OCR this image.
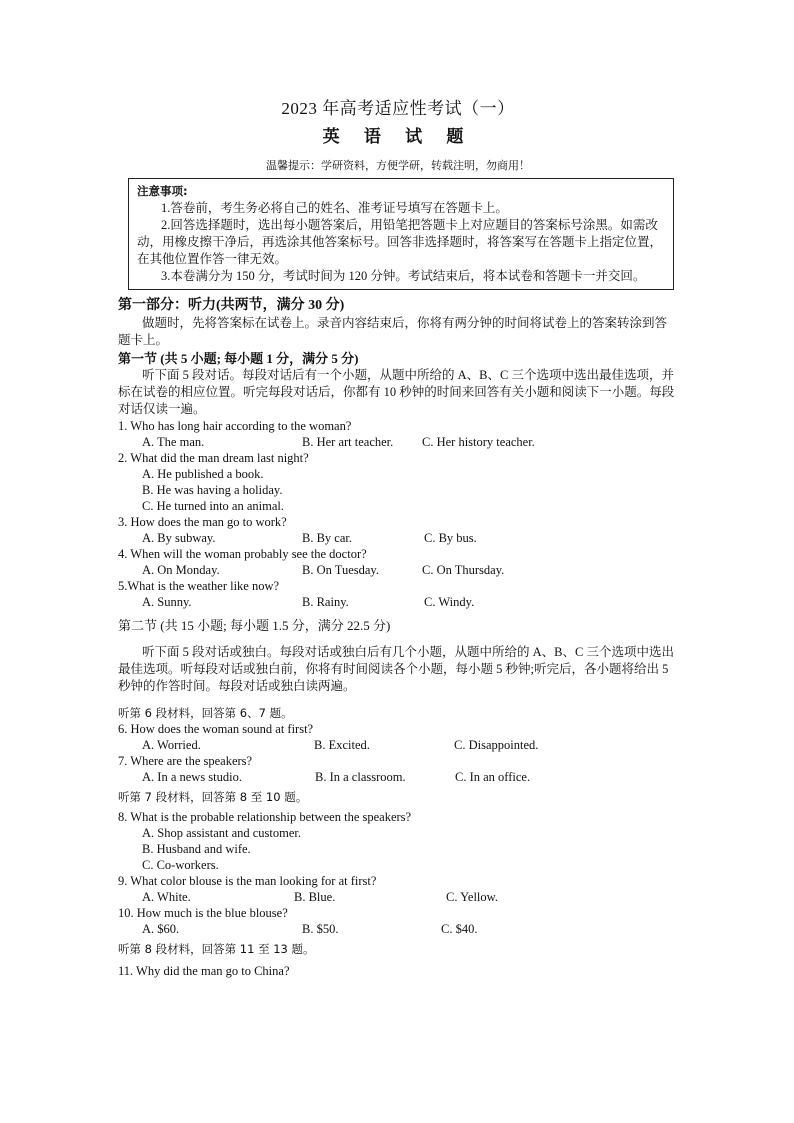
2023 年高考适应性考试（一）
英 语 试 题
温馨提示：学研资料，方便学研，转载注明，勿商用！
注意事项:
1.答卷前，考生务必将自己的姓名、准考证号填写在答题卡上。
2.回答选择题时，选出每小题答案后，用铅笔把答题卡上对应题目的答案标号涂黑。如需改动，用橡皮擦干净后，再选涂其他答案标号。回答非选择题时，将答案写在答题卡上指定位置，在其他位置作答一律无效。
3.本卷满分为 150 分，考试时间为 120 分钟。考试结束后，将本试卷和答题卡一并交回。
第一部分：听力(共两节，满分 30 分)
做题时，先将答案标在试卷上。录音内容结束后，你将有两分钟的时间将试卷上的答案转涂到答题卡上。
第一节 (共 5 小题; 每小题 1 分，满分 5 分)
听下面 5 段对话。每段对话后有一个小题，从题中所给的 A、B、C 三个选项中选出最佳选项，并标在试卷的相应位置。听完每段对话后，你都有 10 秒钟的时间来回答有关小题和阅读下一小题。每段对话仅读一遍。
1. Who has long hair according to the woman?
A. The man.	B. Her art teacher.	C. Her history teacher.
2. What did the man dream last night?
A. He published a book.
B. He was having a holiday.
C. He turned into an animal.
3. How does the man go to work?
A. By subway.	B. By car.	C. By bus.
4. When will the woman probably see the doctor?
A. On Monday.	B. On Tuesday.	C. On Thursday.
5.What is the weather like now?
A. Sunny.	B. Rainy.	C. Windy.
第二节 (共 15 小题; 每小题 1.5 分，满分 22.5 分)
听下面 5 段对话或独白。每段对话或独白后有几个小题，从题中所给的 A、B、C 三个选项中选出最佳选项。听每段对话或独白前，你将有时间阅读各个小题，每小题 5 秒钟;听完后，各小题将给出 5 秒钟的作答时间。每段对话或独白读两遍。
听第 6 段材料，回答第 6、7 题。
6. How does the woman sound at first?
A. Worried.	B. Excited.	C. Disappointed.
7. Where are the speakers?
A. In a news studio.	B. In a classroom.	C. In an office.
听第 7 段材料，回答第 8 至 10 题。
8. What is the probable relationship between the speakers?
A. Shop assistant and customer.
B. Husband and wife.
C. Co-workers.
9. What color blouse is the man looking for at first?
A. White.	B. Blue.	C. Yellow.
10. How much is the blue blouse?
A. $60.	B. $50.	C. $40.
听第 8 段材料，回答第 11 至 13 题。
11. Why did the man go to China?
